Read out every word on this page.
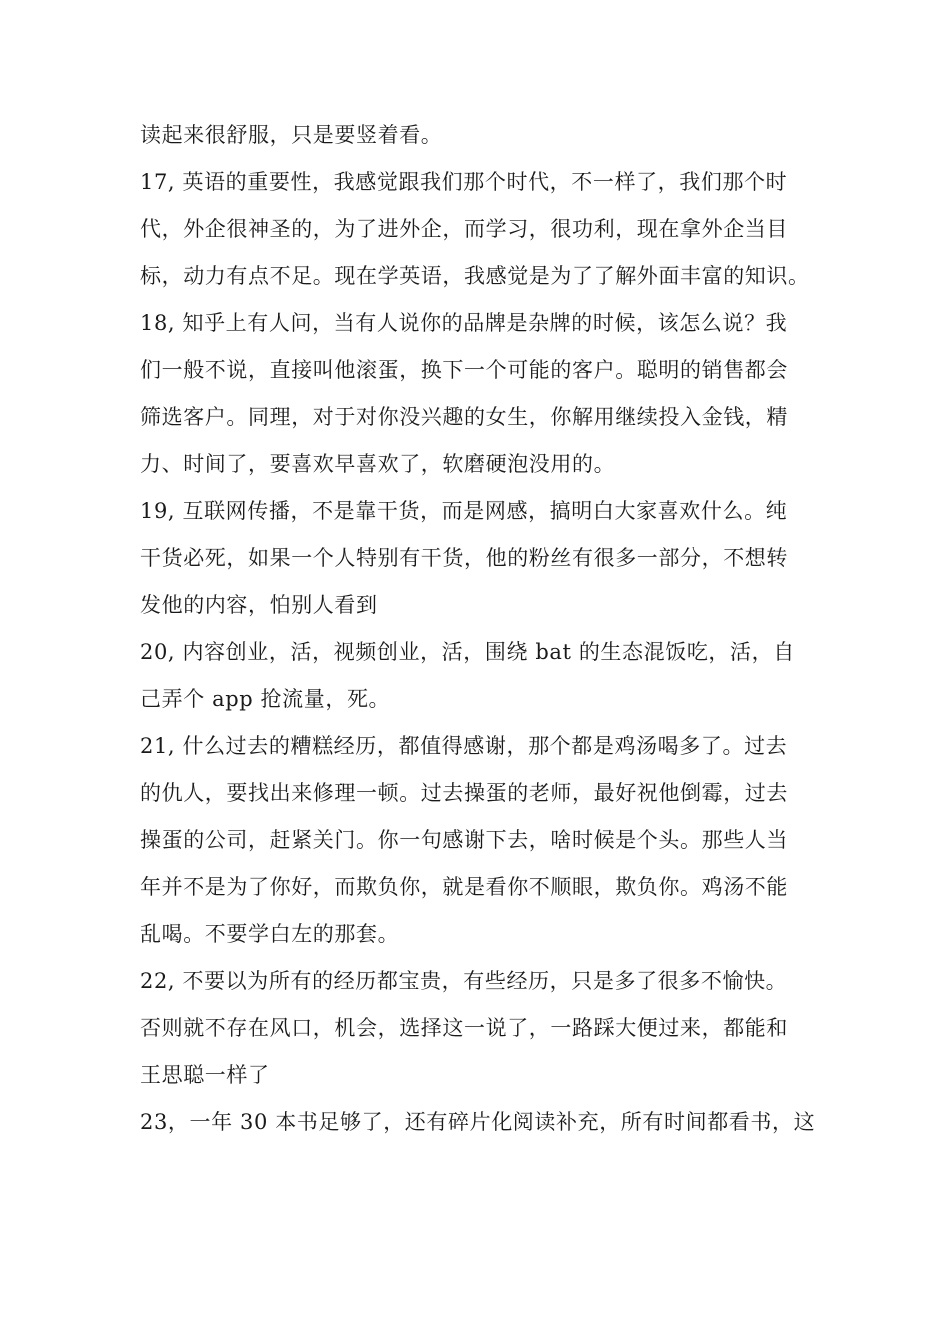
读起来很舒服，只是要竖着看。
17, 英语的重要性，我感觉跟我们那个时代，不一样了，我们那个时
代，外企很神圣的，为了进外企，而学习，很功利，现在拿外企当目
标，动力有点不足。现在学英语，我感觉是为了了解外面丰富的知识。
18, 知乎上有人问，当有人说你的品牌是杂牌的时候，该怎么说？我
们一般不说，直接叫他滚蛋，换下一个可能的客户。聪明的销售都会
筛选客户。同理，对于对你没兴趣的女生，你解用继续投入金钱，精
力、时间了，要喜欢早喜欢了，软磨硬泡没用的。
19, 互联网传播，不是靠干货，而是网感，搞明白大家喜欢什么。纯
干货必死，如果一个人特别有干货，他的粉丝有很多一部分，不想转
发他的内容，怕别人看到
20, 内容创业，活，视频创业，活，围绕 bat 的生态混饭吃，活，自
己弄个 app 抢流量，死。
21, 什么过去的糟糕经历，都值得感谢，那个都是鸡汤喝多了。过去
的仇人，要找出来修理一顿。过去操蛋的老师，最好祝他倒霉，过去
操蛋的公司，赶紧关门。你一句感谢下去，啥时候是个头。那些人当
年并不是为了你好，而欺负你，就是看你不顺眼，欺负你。鸡汤不能
乱喝。不要学白左的那套。
22, 不要以为所有的经历都宝贵，有些经历，只是多了很多不愉快。
否则就不存在风口，机会，选择这一说了，一路踩大便过来，都能和
王思聪一样了
23，一年 30 本书足够了，还有碎片化阅读补充，所有时间都看书，这
